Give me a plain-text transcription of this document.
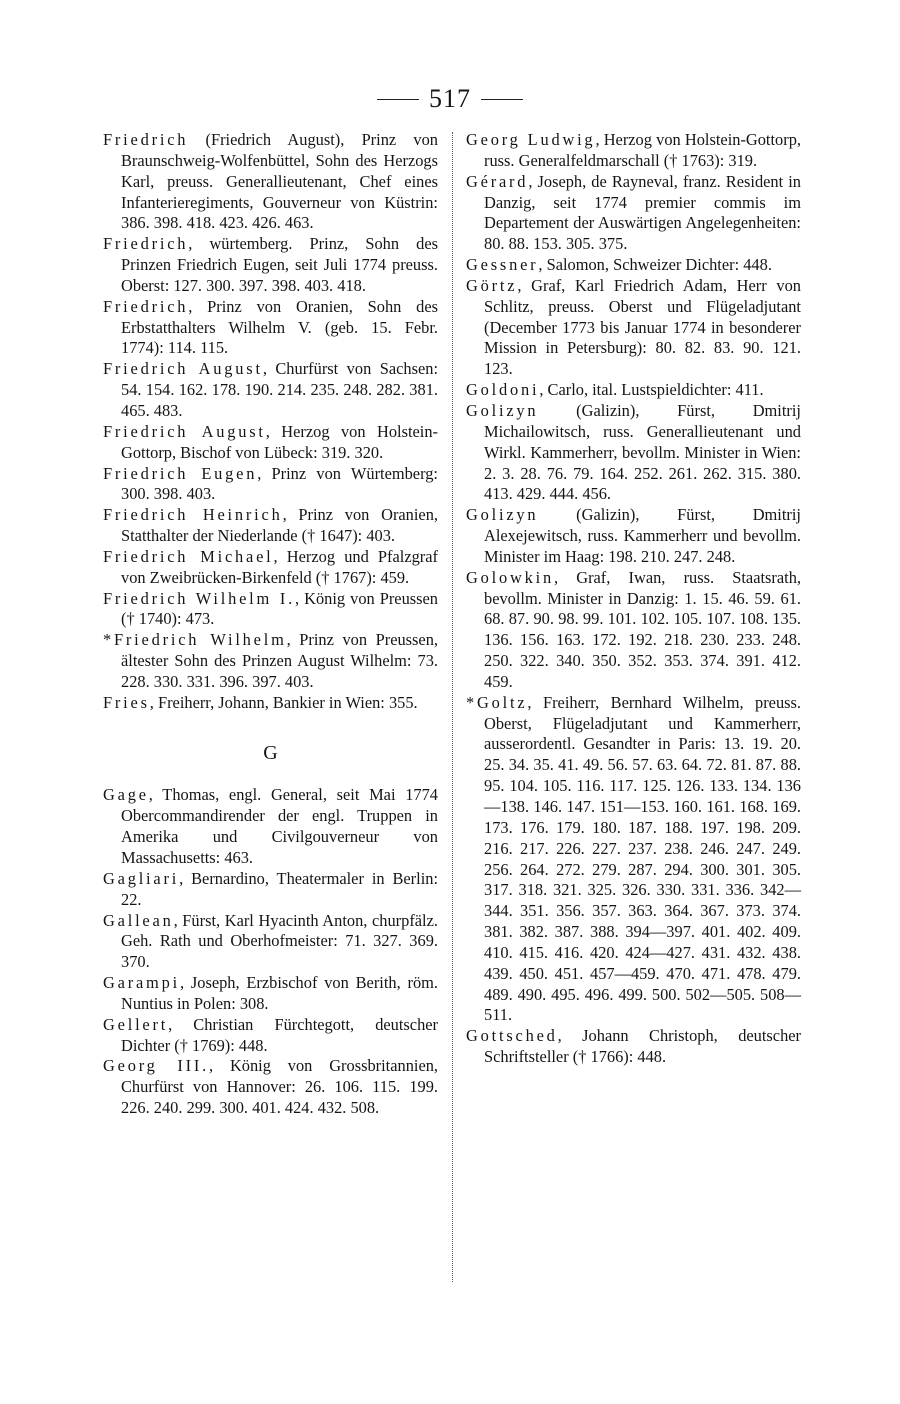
517

Friedrich (Friedrich August), Prinz von Braunschweig-Wolfenbüttel, Sohn des Herzogs Karl, preuss. Generallieutenant, Chef eines Infanterieregiments, Gouverneur von Küstrin: 386. 398. 418. 423. 426. 463.

Friedrich, würtemberg. Prinz, Sohn des Prinzen Friedrich Eugen, seit Juli 1774 preuss. Oberst: 127. 300. 397. 398. 403. 418.

Friedrich, Prinz von Oranien, Sohn des Erbstatthalters Wilhelm V. (geb. 15. Febr. 1774): 114. 115.

Friedrich August, Churfürst von Sachsen: 54. 154. 162. 178. 190. 214. 235. 248. 282. 381. 465. 483.

Friedrich August, Herzog von Holstein-Gottorp, Bischof von Lübeck: 319. 320.

Friedrich Eugen, Prinz von Würtemberg: 300. 398. 403.

Friedrich Heinrich, Prinz von Oranien, Statthalter der Niederlande († 1647): 403.

Friedrich Michael, Herzog und Pfalzgraf von Zweibrücken-Birkenfeld († 1767): 459.

Friedrich Wilhelm I., König von Preussen († 1740): 473.

*Friedrich Wilhelm, Prinz von Preussen, ältester Sohn des Prinzen August Wilhelm: 73. 228. 330. 331. 396. 397. 403.

Fries, Freiherr, Johann, Bankier in Wien: 355.

G

Gage, Thomas, engl. General, seit Mai 1774 Obercommandirender der engl. Truppen in Amerika und Civilgouverneur von Massachusetts: 463.

Gagliari, Bernardino, Theatermaler in Berlin: 22.

Gallean, Fürst, Karl Hyacinth Anton, churpfälz. Geh. Rath und Oberhofmeister: 71. 327. 369. 370.

Garampi, Joseph, Erzbischof von Berith, röm. Nuntius in Polen: 308.

Gellert, Christian Fürchtegott, deutscher Dichter († 1769): 448.

Georg III., König von Grossbritannien, Churfürst von Hannover: 26. 106. 115. 199. 226. 240. 299. 300. 401. 424. 432. 508.

Georg Ludwig, Herzog von Holstein-Gottorp, russ. Generalfeldmarschall († 1763): 319.

Gérard, Joseph, de Rayneval, franz. Resident in Danzig, seit 1774 premier commis im Departement der Auswärtigen Angelegenheiten: 80. 88. 153. 305. 375.

Gessner, Salomon, Schweizer Dichter: 448.

Görtz, Graf, Karl Friedrich Adam, Herr von Schlitz, preuss. Oberst und Flügeladjutant (December 1773 bis Januar 1774 in besonderer Mission in Petersburg): 80. 82. 83. 90. 121. 123.

Goldoni, Carlo, ital. Lustspieldichter: 411.

Golizyn (Galizin), Fürst, Dmitrij Michailowitsch, russ. Generallieutenant und Wirkl. Kammerherr, bevollm. Minister in Wien: 2. 3. 28. 76. 79. 164. 252. 261. 262. 315. 380. 413. 429. 444. 456.

Golizyn (Galizin), Fürst, Dmitrij Alexejewitsch, russ. Kammerherr und bevollm. Minister im Haag: 198. 210. 247. 248.

Golowkin, Graf, Iwan, russ. Staatsrath, bevollm. Minister in Danzig: 1. 15. 46. 59. 61. 68. 87. 90. 98. 99. 101. 102. 105. 107. 108. 135. 136. 156. 163. 172. 192. 218. 230. 233. 248. 250. 322. 340. 350. 352. 353. 374. 391. 412. 459.

*Goltz, Freiherr, Bernhard Wilhelm, preuss. Oberst, Flügeladjutant und Kammerherr, ausserordentl. Gesandter in Paris: 13. 19. 20. 25. 34. 35. 41. 49. 56. 57. 63. 64. 72. 81. 87. 88. 95. 104. 105. 116. 117. 125. 126. 133. 134. 136—138. 146. 147. 151—153. 160. 161. 168. 169. 173. 176. 179. 180. 187. 188. 197. 198. 209. 216. 217. 226. 227. 237. 238. 246. 247. 249. 256. 264. 272. 279. 287. 294. 300. 301. 305. 317. 318. 321. 325. 326. 330. 331. 336. 342—344. 351. 356. 357. 363. 364. 367. 373. 374. 381. 382. 387. 388. 394—397. 401. 402. 409. 410. 415. 416. 420. 424—427. 431. 432. 438. 439. 450. 451. 457—459. 470. 471. 478. 479. 489. 490. 495. 496. 499. 500. 502—505. 508—511.

Gottsched, Johann Christoph, deutscher Schriftsteller († 1766): 448.
